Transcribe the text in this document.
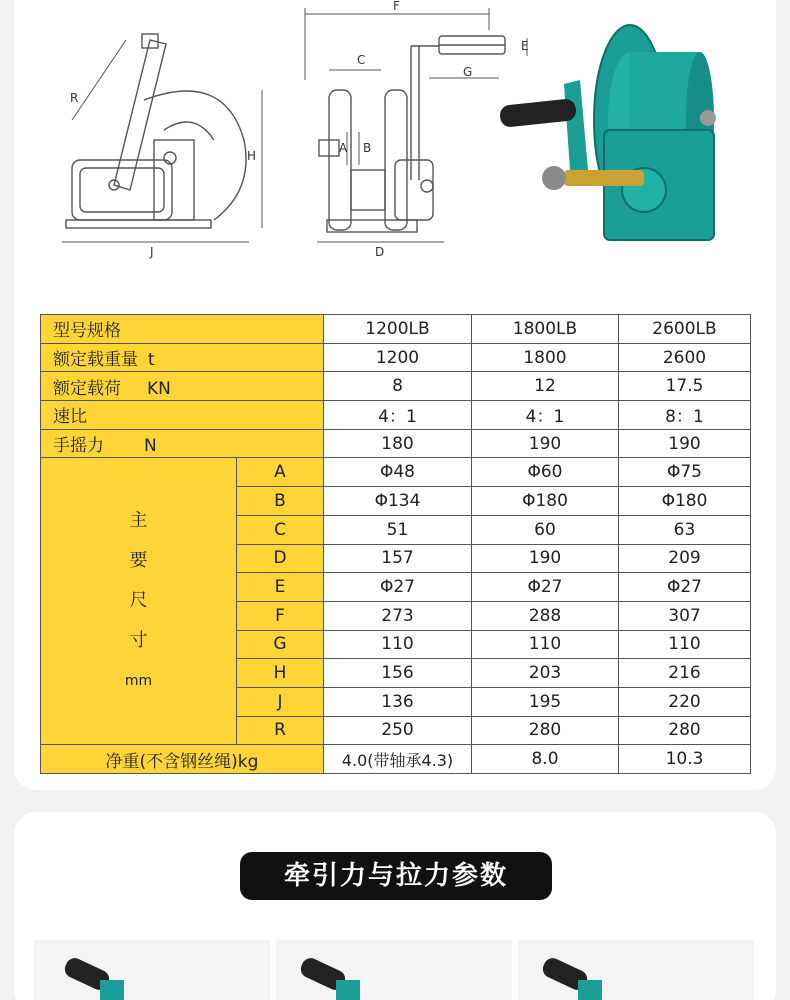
R
H
J
F
C
G
E
A B
D
型号规格		1200LB	1800LB	2600LB
额定载重量 t		1200	1800	2600
额定载荷 KN		8	12	17.5
速比		4：1	4：1	8：1
手摇力 N		180	190	190

主
要
尺
寸
mm	A	Φ48	Φ60	Φ75
	B	Φ134	Φ180	Φ180
	C	51	60	63
	D	157	190	209
	E	Φ27	Φ27	Φ27
	F	273	288	307
	G	110	110	110
	H	156	203	216
	J	136	195	220
	R	250	280	280
净重(不含钢丝绳)kg		4.0(带轴承4.3)	8.0	10.3
牵引力与拉力参数
